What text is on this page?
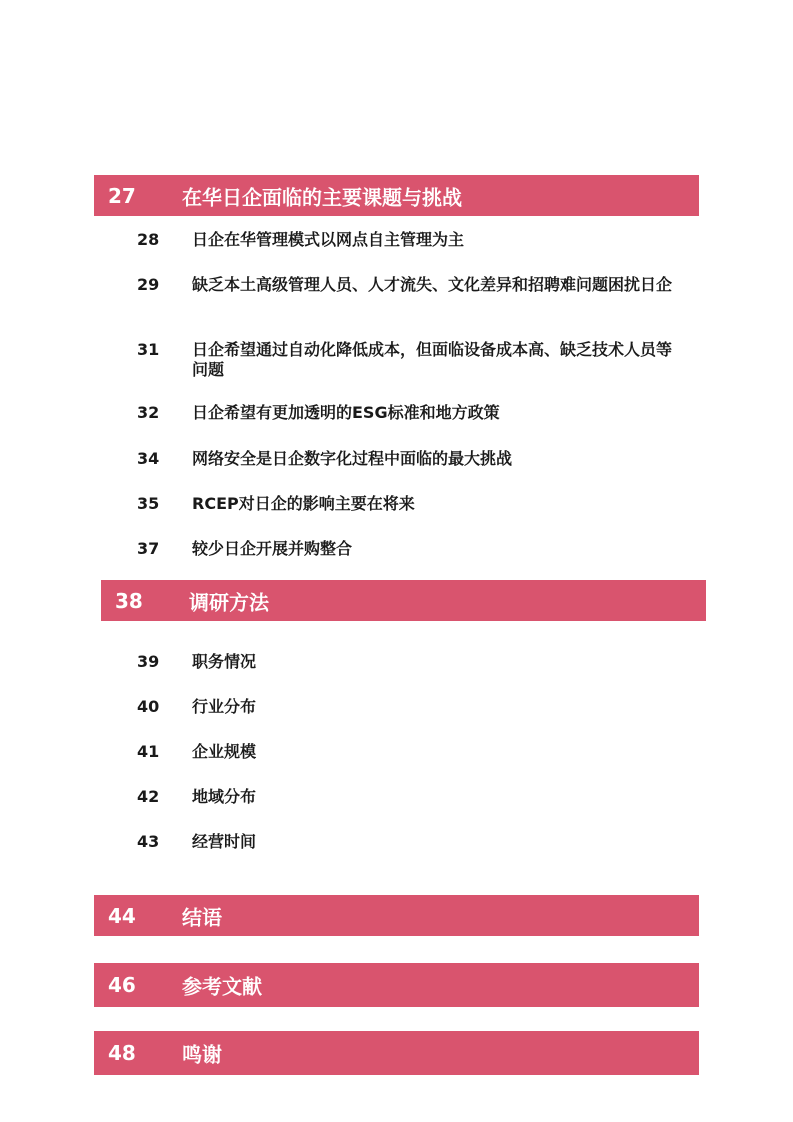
27 在华日企面临的主要课题与挑战
28 日企在华管理模式以网点自主管理为主
29 缺乏本土高级管理人员、人才流失、文化差异和招聘难问题困扰日企
31 日企希望通过自动化降低成本，但面临设备成本高、缺乏技术人员等问题
32 日企希望有更加透明的ESG标准和地方政策
34 网络安全是日企数字化过程中面临的最大挑战
35 RCEP对日企的影响主要在将来
37 较少日企开展并购整合
38 调研方法
39 职务情况
40 行业分布
41 企业规模
42 地域分布
43 经营时间
44 结语
46 参考文献
48 鸣谢
